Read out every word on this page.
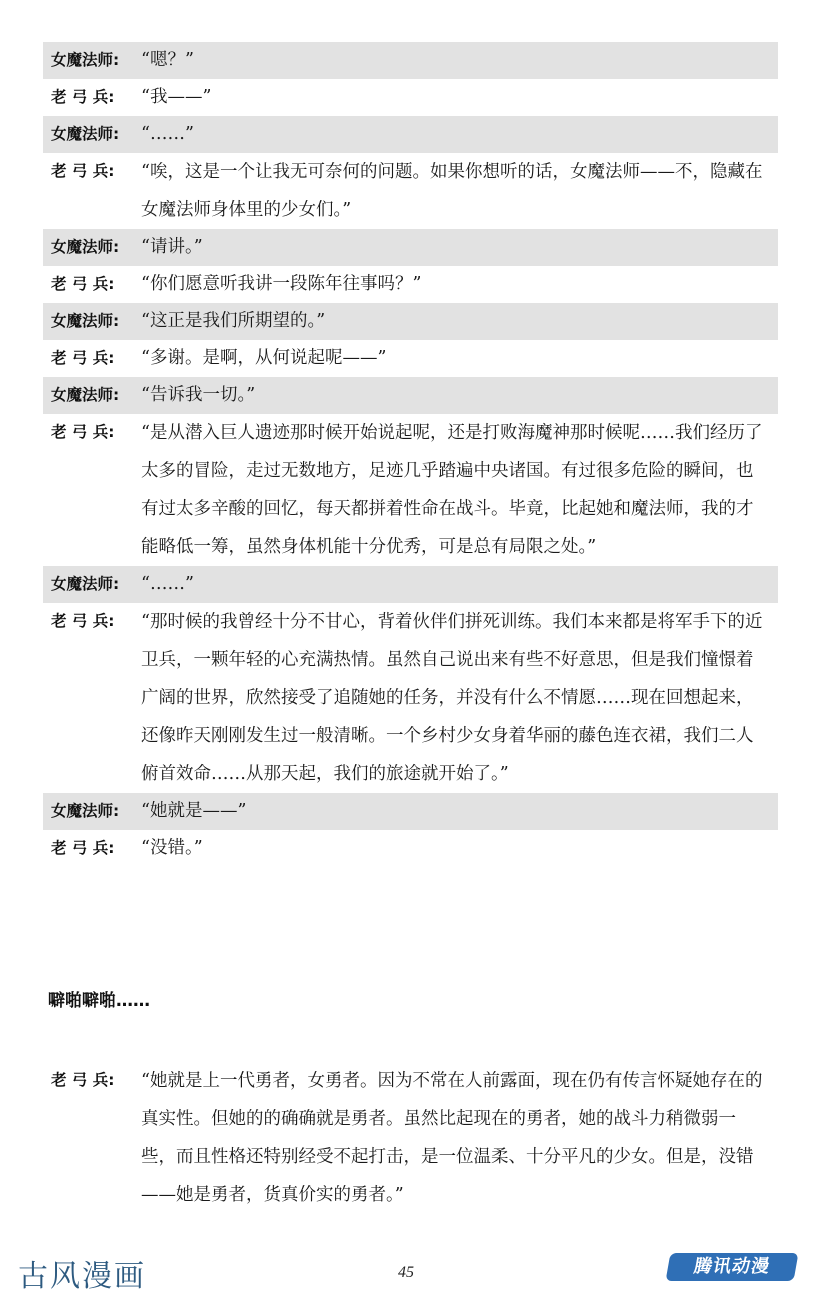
女魔法师:	“嗯？”
老 弓 兵:	“我——”
女魔法师:	“……”
老 弓 兵:	“唉，这是一个让我无可奈何的问题。如果你想听的话，女魔法师——不，隐藏在女魔法师身体里的少女们。”
女魔法师:	“请讲。”
老 弓 兵:	“你们愿意听我讲一段陈年往事吗？”
女魔法师:	“这正是我们所期望的。”
老 弓 兵:	“多谢。是啊，从何说起呢——”
女魔法师:	“告诉我一切。”
老 弓 兵:	“是从潜入巨人遗迹那时候开始说起呢，还是打败海魔神那时候呢……我们经历了太多的冒险，走过无数地方，足迹几乎踏遍中央诸国。有过很多危险的瞬间，也有过太多辛酸的回忆，每天都拼着性命在战斗。毕竟，比起她和魔法师，我的才能略低一筹，虽然身体机能十分优秀，可是总有局限之处。”
女魔法师:	“……”
老 弓 兵:	“那时候的我曾经十分不甘心，背着伙伴们拼死训练。我们本来都是将军手下的近卫兵，一颗年轻的心充满热情。虽然自己说出来有些不好意思，但是我们憧憬着广阔的世界，欣然接受了追随她的任务，并没有什么不情愿……现在回想起来，还像昨天刚刚发生过一般清晰。一个乡村少女身着华丽的藤色连衣裙，我们二人俯首效命……从那天起，我们的旅途就开始了。”
女魔法师:	“她就是——”
老 弓 兵:	“没错。”
噼啪噼啪……
老 弓 兵:	“她就是上一代勇者，女勇者。因为不常在人前露面，现在仍有传言怀疑她存在的真实性。但她的的确确就是勇者。虽然比起现在的勇者，她的战斗力稍微弱一些，而且性格还特别经受不起打击，是一位温柔、十分平凡的少女。但是，没错——她是勇者，货真价实的勇者。”
古风漫画	45	腾讯动漫
